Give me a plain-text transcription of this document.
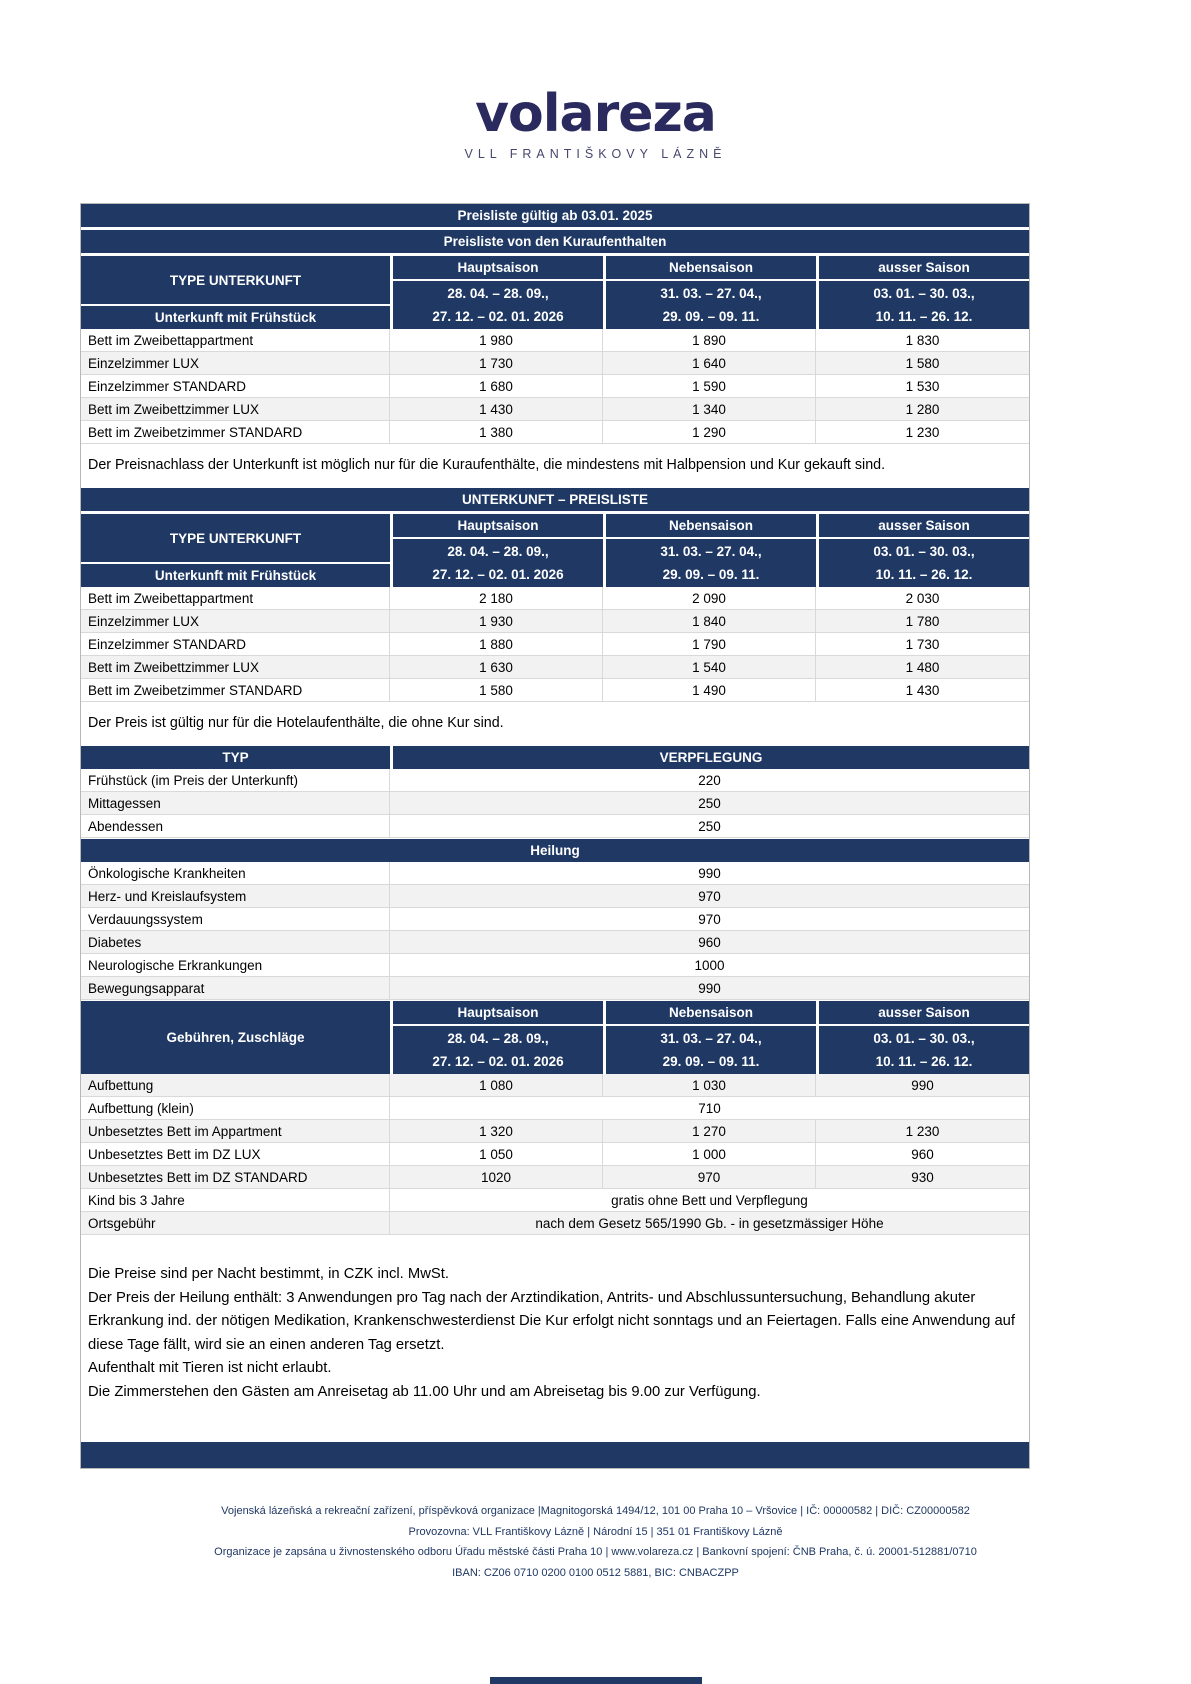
volareza
VLL FRANTIŠKOVY LÁZNĚ
Preisliste gültig ab 03.01. 2025
Preisliste von den Kuraufenthalten
TYPE UNTERKUNFT
Unterkunft mit Frühstück
Hauptsaison
28. 04. – 28. 09.,
27. 12. – 02. 01. 2026
Nebensaison
31. 03. – 27. 04.,
29. 09. – 09. 11.
ausser Saison
03. 01. – 30. 03.,
10. 11. – 26. 12.
Bett im Zweibettappartment	1 980	1 890	1 830
Einzelzimmer LUX	1 730	1 640	1 580
Einzelzimmer STANDARD	1 680	1 590	1 530
Bett im Zweibettzimmer LUX	1 430	1 340	1 280
Bett im Zweibetzimmer STANDARD	1 380	1 290	1 230
Der Preisnachlass der Unterkunft ist möglich nur für die Kuraufenthälte, die mindestens mit Halbpension und Kur gekauft sind.
UNTERKUNFT – PREISLISTE
TYPE UNTERKUNFT
Unterkunft mit Frühstück
Hauptsaison
28. 04. – 28. 09.,
27. 12. – 02. 01. 2026
Nebensaison
31. 03. – 27. 04.,
29. 09. – 09. 11.
ausser Saison
03. 01. – 30. 03.,
10. 11. – 26. 12.
Bett im Zweibettappartment	2 180	2 090	2 030
Einzelzimmer LUX	1 930	1 840	1 780
Einzelzimmer STANDARD	1 880	1 790	1 730
Bett im Zweibettzimmer LUX	1 630	1 540	1 480
Bett im Zweibetzimmer STANDARD	1 580	1 490	1 430
Der Preis ist gültig nur für die Hotelaufenthälte, die ohne Kur sind.
TYP	VERPFLEGUNG
Frühstück (im Preis der Unterkunft)	220
Mittagessen	250
Abendessen	250
Heilung
Önkologische Krankheiten	990
Herz- und Kreislaufsystem	970
Verdauungssystem	970
Diabetes	960
Neurologische Erkrankungen	1000
Bewegungsapparat	990
Gebühren, Zuschläge
Hauptsaison
28. 04. – 28. 09.,
27. 12. – 02. 01. 2026
Nebensaison
31. 03. – 27. 04.,
29. 09. – 09. 11.
ausser Saison
03. 01. – 30. 03.,
10. 11. – 26. 12.
Aufbettung	1 080	1 030	990
Aufbettung (klein)	710
Unbesetztes Bett im Appartment	1 320	1 270	1 230
Unbesetztes Bett im DZ LUX	1 050	1 000	960
Unbesetztes Bett im DZ STANDARD	1020	970	930
Kind bis 3 Jahre	gratis ohne Bett und Verpflegung
Ortsgebühr	nach dem Gesetz 565/1990 Gb. - in gesetzmässiger Höhe

Die Preise sind per Nacht bestimmt, in CZK incl. MwSt.

Der Preis der Heilung enthält: 3 Anwendungen pro Tag nach der Arztindikation, Antrits- und Abschlussuntersuchung, Behandlung akuter Erkrankung ind. der nötigen Medikation, Krankenschwesterdienst Die Kur erfolgt nicht sonntags und an Feiertagen. Falls eine Anwendung auf diese Tage fällt, wird sie an einen anderen Tag ersetzt.

Aufenthalt mit Tieren ist nicht erlaubt.

Die Zimmerstehen den Gästen am Anreisetag ab 11.00 Uhr und am Abreisetag bis 9.00 zur Verfügung.

Vojenská lázeňská a rekreační zařízení, příspěvková organizace |Magnitogorská 1494/12, 101 00 Praha 10 – Vršovice | IČ: 00000582 | DIČ: CZ00000582
Provozovna: VLL Františkovy Lázně | Národní 15 | 351 01 Františkovy Lázně
Organizace je zapsána u živnostenského odboru Úřadu městské části Praha 10 | www.volareza.cz | Bankovní spojení: ČNB Praha, č. ú. 20001-512881/0710
IBAN: CZ06 0710 0200 0100 0512 5881, BIC: CNBACZPP
